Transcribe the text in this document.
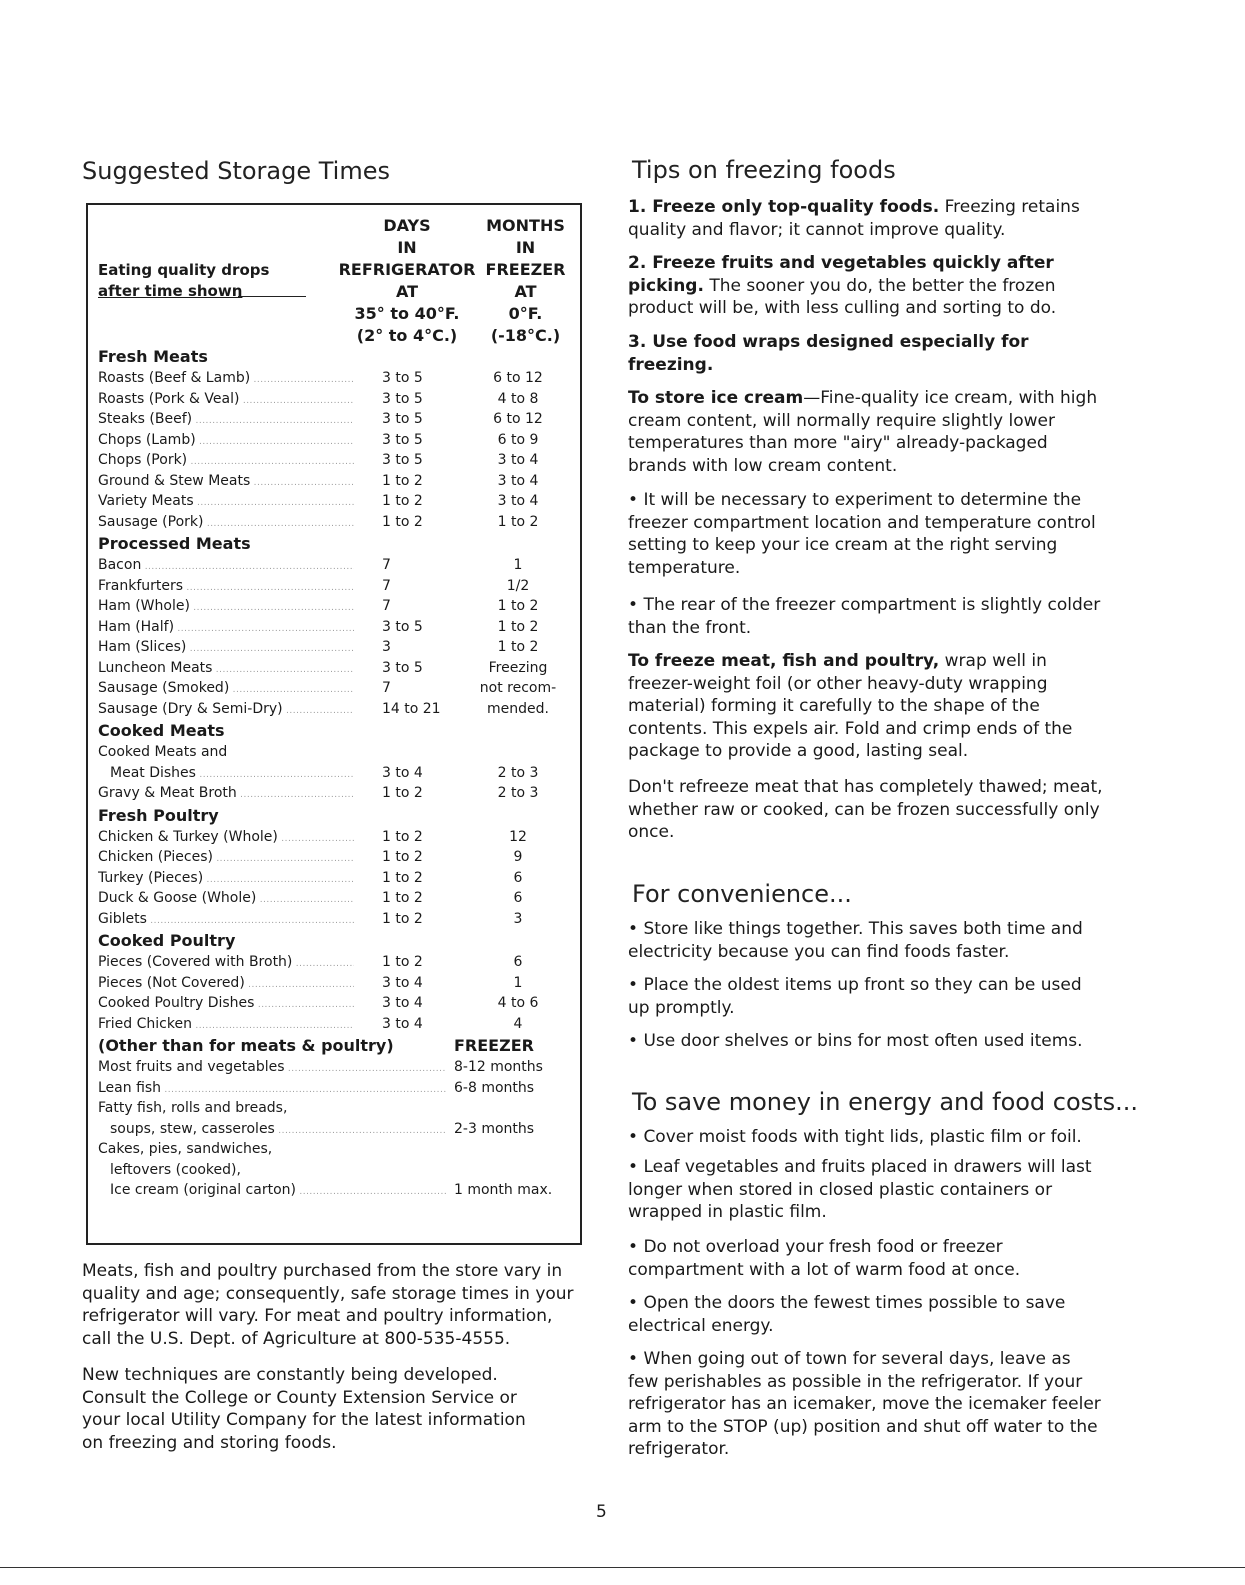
Suggested Storage Times
DAYS
IN
REFRIGERATOR
AT
35° to 40°F.
(2° to 4°C.)
MONTHS
IN
FREEZER
AT
0°F.
(-18°C.)
Eating quality drops
after time shown
Fresh Meats
Roasts (Beef & Lamb) .....	3 to 5	6 to 12
Roasts (Pork & Veal) .....	3 to 5	4 to 8
Steaks (Beef) .....	3 to 5	6 to 12
Chops (Lamb) .....	3 to 5	6 to 9
Chops (Pork) .....	3 to 5	3 to 4
Ground & Stew Meats .....	1 to 2	3 to 4
Variety Meats .....	1 to 2	3 to 4
Sausage (Pork) .....	1 to 2	1 to 2
Processed Meats
Bacon .....	7	1
Frankfurters .....	7	1/2
Ham (Whole) .....	7	1 to 2
Ham (Half) .....	3 to 5	1 to 2
Ham (Slices) .....	3	1 to 2
Luncheon Meats .....	3 to 5	Freezing
Sausage (Smoked) .....	7	not recom-
Sausage (Dry & Semi-Dry) .....	14 to 21	mended.
Cooked Meats
Cooked Meats and
Meat Dishes .....	3 to 4	2 to 3
Gravy & Meat Broth .....	1 to 2	2 to 3
Fresh Poultry
Chicken & Turkey (Whole) .....	1 to 2	12
Chicken (Pieces) .....	1 to 2	9
Turkey (Pieces) .....	1 to 2	6
Duck & Goose (Whole) .....	1 to 2	6
Giblets .....	1 to 2	3
Cooked Poultry
Pieces (Covered with Broth) .....	1 to 2	6
Pieces (Not Covered) .....	3 to 4	1
Cooked Poultry Dishes .....	3 to 4	4 to 6
Fried Chicken .....	3 to 4	4
(Other than for meats & poultry)	FREEZER
Most fruits and vegetables .....	8-12 months
Lean fish .....	6-8 months
Fatty fish, rolls and breads,
soups, stew, casseroles .....	2-3 months
Cakes, pies, sandwiches,
leftovers (cooked),
Ice cream (original carton) .....	1 month max.

Meats, fish and poultry purchased from the store vary in quality and age; consequently, safe storage times in your refrigerator will vary. For meat and poultry information, call the U.S. Dept. of Agriculture at 800-535-4555.

New techniques are constantly being developed. Consult the College or County Extension Service or your local Utility Company for the latest information on freezing and storing foods.

Tips on freezing foods

1. Freeze only top-quality foods. Freezing retains quality and flavor; it cannot improve quality.

2. Freeze fruits and vegetables quickly after picking. The sooner you do, the better the frozen product will be, with less culling and sorting to do.

3. Use food wraps designed especially for freezing.

To store ice cream—Fine-quality ice cream, with high cream content, will normally require slightly lower temperatures than more "airy" already-packaged brands with low cream content.

• It will be necessary to experiment to determine the freezer compartment location and temperature control setting to keep your ice cream at the right serving temperature.

• The rear of the freezer compartment is slightly colder than the front.

To freeze meat, fish and poultry, wrap well in freezer-weight foil (or other heavy-duty wrapping material) forming it carefully to the shape of the contents. This expels air. Fold and crimp ends of the package to provide a good, lasting seal.

Don't refreeze meat that has completely thawed; meat, whether raw or cooked, can be frozen successfully only once.

For convenience...

• Store like things together. This saves both time and electricity because you can find foods faster.

• Place the oldest items up front so they can be used up promptly.

• Use door shelves or bins for most often used items.

To save money in energy and food costs...

• Cover moist foods with tight lids, plastic film or foil.

• Leaf vegetables and fruits placed in drawers will last longer when stored in closed plastic containers or wrapped in plastic film.

• Do not overload your fresh food or freezer compartment with a lot of warm food at once.

• Open the doors the fewest times possible to save electrical energy.

• When going out of town for several days, leave as few perishables as possible in the refrigerator. If your refrigerator has an icemaker, move the icemaker feeler arm to the STOP (up) position and shut off water to the refrigerator.

5
